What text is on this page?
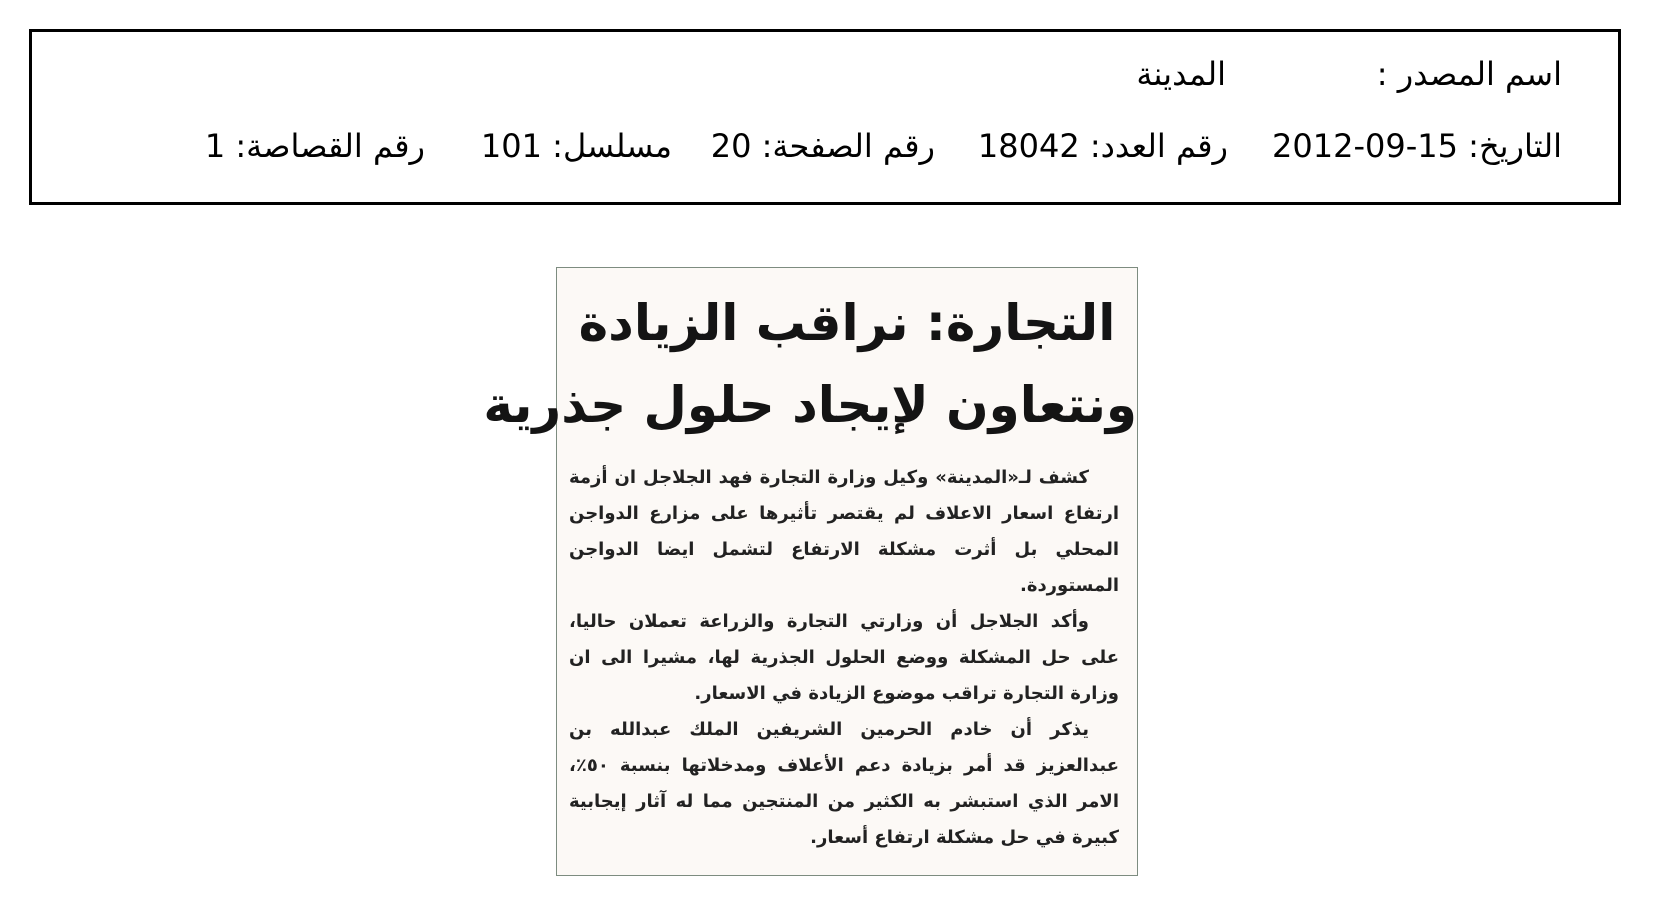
اسم المصدر :
المدينة
التاريخ: 2012-09-15
رقم العدد: 18042
رقم الصفحة: 20
مسلسل: 101
رقم القصاصة: 1
التجارة: نراقب الزيادة
ونتعاون لإيجاد حلول جذرية

كشف لـ«المدينة» وكيل وزارة التجارة فهد الجلاجل ان أزمة ارتفاع اسعار الاعلاف لم يقتصر تأثيرها على مزارع الدواجن المحلي بل أثرت مشكلة الارتفاع لتشمل ايضا الدواجن المستوردة.

وأكد الجلاجل أن وزارتي التجارة والزراعة تعملان حاليا، على حل المشكلة ووضع الحلول الجذرية لها، مشيرا الى ان وزارة التجارة تراقب موضوع الزيادة في الاسعار.

يذكر أن خادم الحرمين الشريفين الملك عبدالله بن عبدالعزيز قد أمر بزيادة دعم الأعلاف ومدخلاتها بنسبة ٥٠٪، الامر الذي استبشر به الكثير من المنتجين مما له آثار إيجابية كبيرة في حل مشكلة ارتفاع أسعار.
